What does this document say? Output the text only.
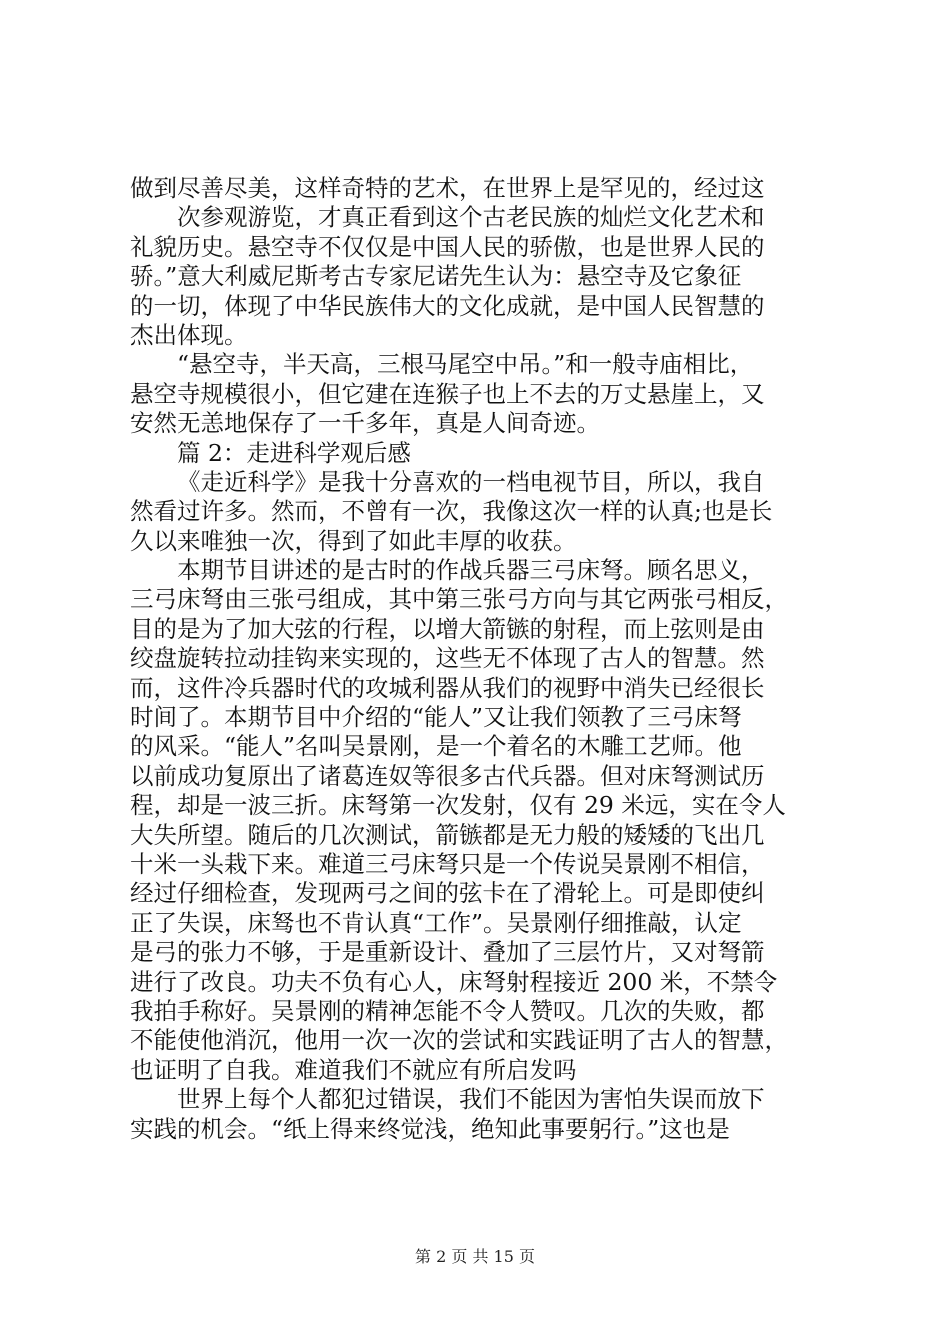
做到尽善尽美，这样奇特的艺术，在世界上是罕见的，经过这
次参观游览，才真正看到这个古老民族的灿烂文化艺术和
礼貌历史。悬空寺不仅仅是中国人民的骄傲，也是世界人民的
骄。”意大利威尼斯考古专家尼诺先生认为：悬空寺及它象征
的一切，体现了中华民族伟大的文化成就，是中国人民智慧的
杰出体现。
“悬空寺，半天高，三根马尾空中吊。”和一般寺庙相比，
悬空寺规模很小，但它建在连猴子也上不去的万丈悬崖上，又
安然无恙地保存了一千多年，真是人间奇迹。
篇 2：走进科学观后感
《走近科学》是我十分喜欢的一档电视节目，所以，我自
然看过许多。然而，不曾有一次，我像这次一样的认真;也是长
久以来唯独一次，得到了如此丰厚的收获。
本期节目讲述的是古时的作战兵器三弓床弩。顾名思义，
三弓床弩由三张弓组成，其中第三张弓方向与其它两张弓相反，
目的是为了加大弦的行程，以增大箭镞的射程，而上弦则是由
绞盘旋转拉动挂钩来实现的，这些无不体现了古人的智慧。然
而，这件冷兵器时代的攻城利器从我们的视野中消失已经很长
时间了。本期节目中介绍的“能人”又让我们领教了三弓床弩
的风采。“能人”名叫吴景刚，是一个着名的木雕工艺师。他
以前成功复原出了诸葛连奴等很多古代兵器。但对床弩测试历
程，却是一波三折。床弩第一次发射，仅有 29 米远，实在令人
大失所望。随后的几次测试，箭镞都是无力般的矮矮的飞出几
十米一头栽下来。难道三弓床弩只是一个传说吴景刚不相信，
经过仔细检查，发现两弓之间的弦卡在了滑轮上。可是即使纠
正了失误，床驽也不肯认真“工作”。吴景刚仔细推敲，认定
是弓的张力不够，于是重新设计、叠加了三层竹片，又对弩箭
进行了改良。功夫不负有心人，床弩射程接近 200 米，不禁令
我拍手称好。吴景刚的精神怎能不令人赞叹。几次的失败，都
不能使他消沉，他用一次一次的尝试和实践证明了古人的智慧，
也证明了自我。难道我们不就应有所启发吗
世界上每个人都犯过错误，我们不能因为害怕失误而放下
实践的机会。“纸上得来终觉浅，绝知此事要躬行。”这也是
第 2 页 共 15 页
